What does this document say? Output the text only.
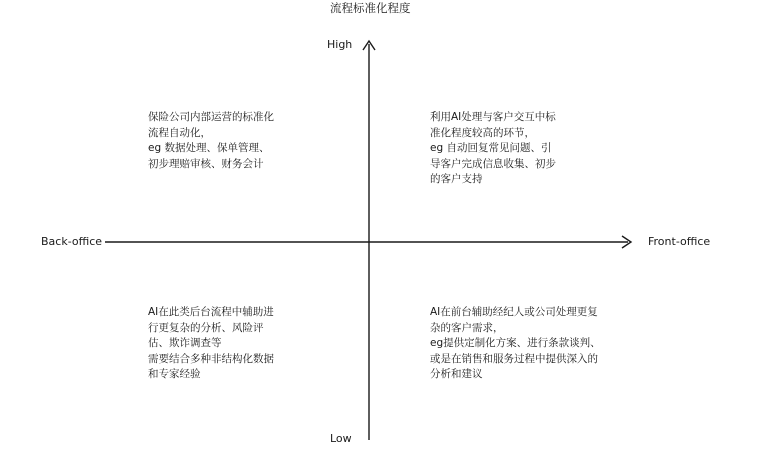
流程标准化程度
High
Low
Back-office	Front-office
保险公司内部运营的标准化
流程自动化，
eg 数据处理、保单管理、
初步理赔审核、财务会计
利用AI处理与客户交互中标
准化程度较高的环节，
eg 自动回复常见问题、引
导客户完成信息收集、初步
的客户支持
AI在此类后台流程中辅助进
行更复杂的分析、风险评
估、欺诈调查等
需要结合多种非结构化数据
和专家经验
AI在前台辅助经纪人或公司处理更复
杂的客户需求，
eg提供定制化方案、进行条款谈判、
或是在销售和服务过程中提供深入的
分析和建议
